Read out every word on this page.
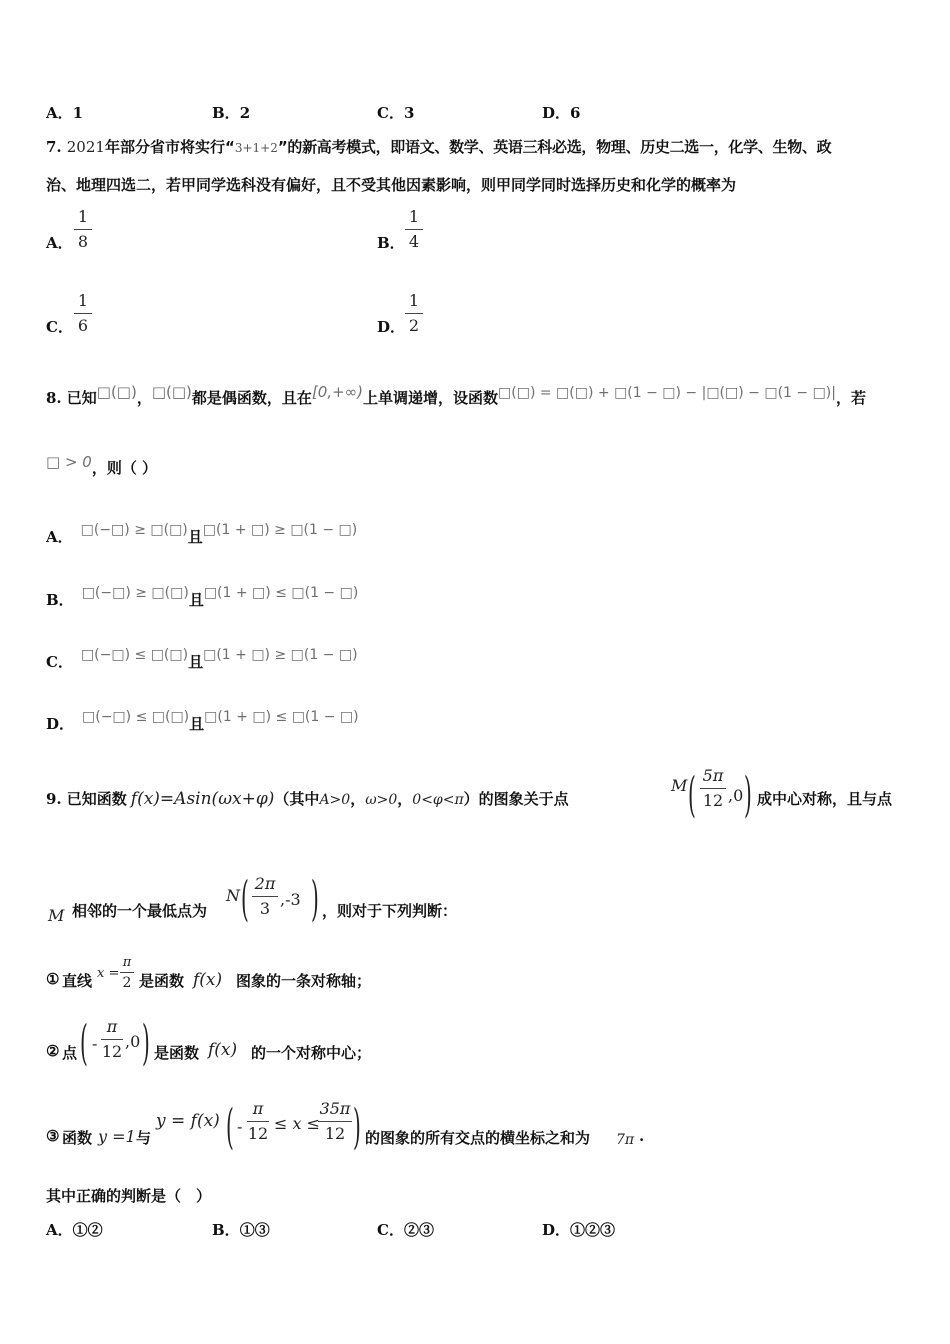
A．1	B．2	C．3	D．6
7. 2021年部分省市将实行“3+1+2”的新高考模式，即语文、数学、英语三科必选，物理、历史二选一，化学、生物、政
治、地理四选二，若甲同学选科没有偏好，且不受其他因素影响，则甲同学同时选择历史和化学的概率为
A．
1
8	B．
1
4
C．
1
6	D．
1
2
8. 已知□(□)，□(□)都是偶函数，且在[0,+∞)上单调递增，设函数□(□) = □(□) + □(1 − □) − |□(□) − □(1 − □)|，若
□ > 0，则（ ）
A． □(−□) ≥ □(□)且□(1 + □) ≥ □(1 − □)
B． □(−□) ≥ □(□)且□(1 + □) ≤ □(1 − □)
C． □(−□) ≤ □(□)且□(1 + □) ≥ □(1 − □)
D． □(−□) ≤ □(□)且□(1 + □) ≤ □(1 − □)
9. 已知函数 f(x)=Asin(ωx+φ)（其中A>0，ω>0，0<φ<π）的图象关于点
M ( 5π
12 ,0 ) 成中心对称，且与点
M 相邻的一个最低点为
N ( 2π
3 ,-3 ) ，则对于下列判断：
① 直线 x =
π
2 是函数 f(x) 图象的一条对称轴；
② 点 ( -
π
12
,0 ) 是函数 f(x) 的一个对称中心；
③ 函数 y =1 与
y = f(x) ( -
π
12
≤ x ≤
35π
12 ) 的图象的所有交点的横坐标之和为 7π .
其中正确的判断是（　）
A．①②	B．①③	C．②③	D．①②③
